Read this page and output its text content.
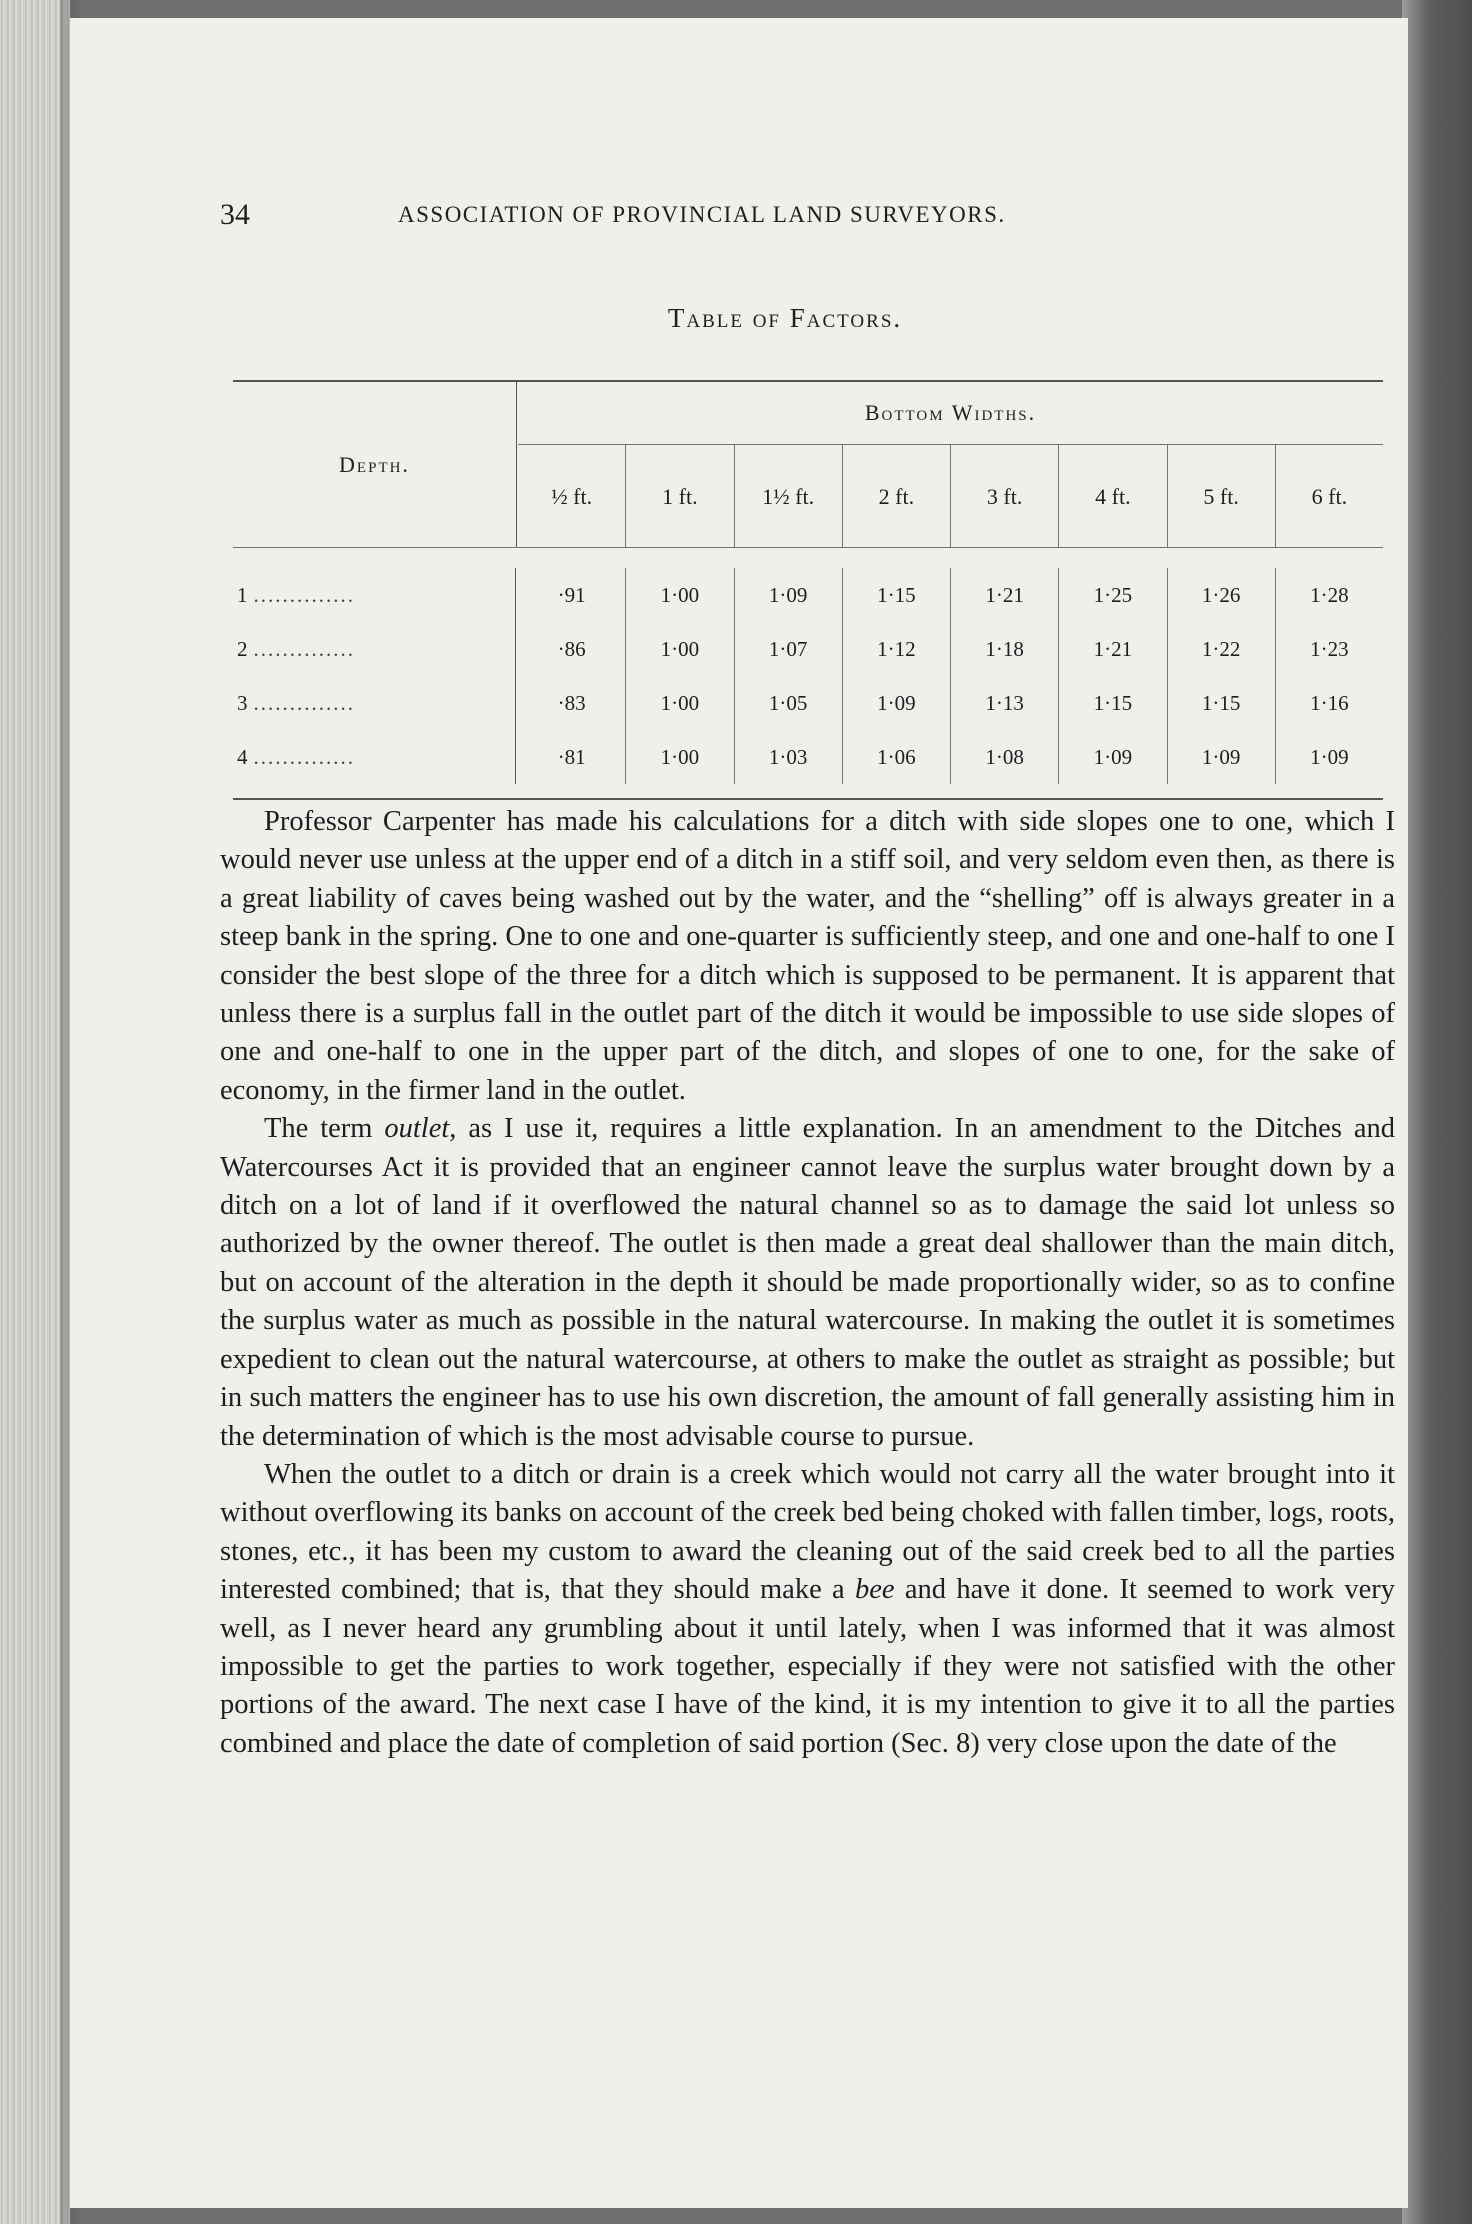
34	ASSOCIATION OF PROVINCIAL LAND SURVEYORS.
Table of Factors.
Depth.
Bottom Widths.
½ ft.	1 ft.	1½ ft.	2 ft.	3 ft.	4 ft.	5 ft.	6 ft.
1 ..............	·91	1·00	1·09	1·15	1·21	1·25	1·26	1·28
2 ..............	·86	1·00	1·07	1·12	1·18	1·21	1·22	1·23
3 ..............	·83	1·00	1·05	1·09	1·13	1·15	1·15	1·16
4 ..............	·81	1·00	1·03	1·06	1·08	1·09	1·09	1·09

Professor Carpenter has made his calculations for a ditch with side slopes one to one, which I would never use unless at the upper end of a ditch in a stiff soil, and very seldom even then, as there is a great liability of caves being washed out by the water, and the “shelling” off is always greater in a steep bank in the spring. One to one and one-quarter is sufficiently steep, and one and one-half to one I consider the best slope of the three for a ditch which is supposed to be permanent. It is apparent that unless there is a surplus fall in the outlet part of the ditch it would be impossible to use side slopes of one and one-half to one in the upper part of the ditch, and slopes of one to one, for the sake of economy, in the firmer land in the outlet.

The term outlet, as I use it, requires a little explanation. In an amendment to the Ditches and Watercourses Act it is provided that an engineer cannot leave the surplus water brought down by a ditch on a lot of land if it overflowed the natural channel so as to damage the said lot unless so authorized by the owner thereof. The outlet is then made a great deal shallower than the main ditch, but on account of the alteration in the depth it should be made proportionally wider, so as to confine the surplus water as much as possible in the natural watercourse. In making the outlet it is sometimes expedient to clean out the natural watercourse, at others to make the outlet as straight as possible; but in such matters the engineer has to use his own discretion, the amount of fall generally assisting him in the determination of which is the most advisable course to pursue.

When the outlet to a ditch or drain is a creek which would not carry all the water brought into it without overflowing its banks on account of the creek bed being choked with fallen timber, logs, roots, stones, etc., it has been my custom to award the cleaning out of the said creek bed to all the parties interested combined; that is, that they should make a bee and have it done. It seemed to work very well, as I never heard any grumbling about it until lately, when I was informed that it was almost impossible to get the parties to work together, especially if they were not satisfied with the other portions of the award. The next case I have of the kind, it is my intention to give it to all the parties combined and place the date of completion of said portion (Sec. 8) very close upon the date of the
